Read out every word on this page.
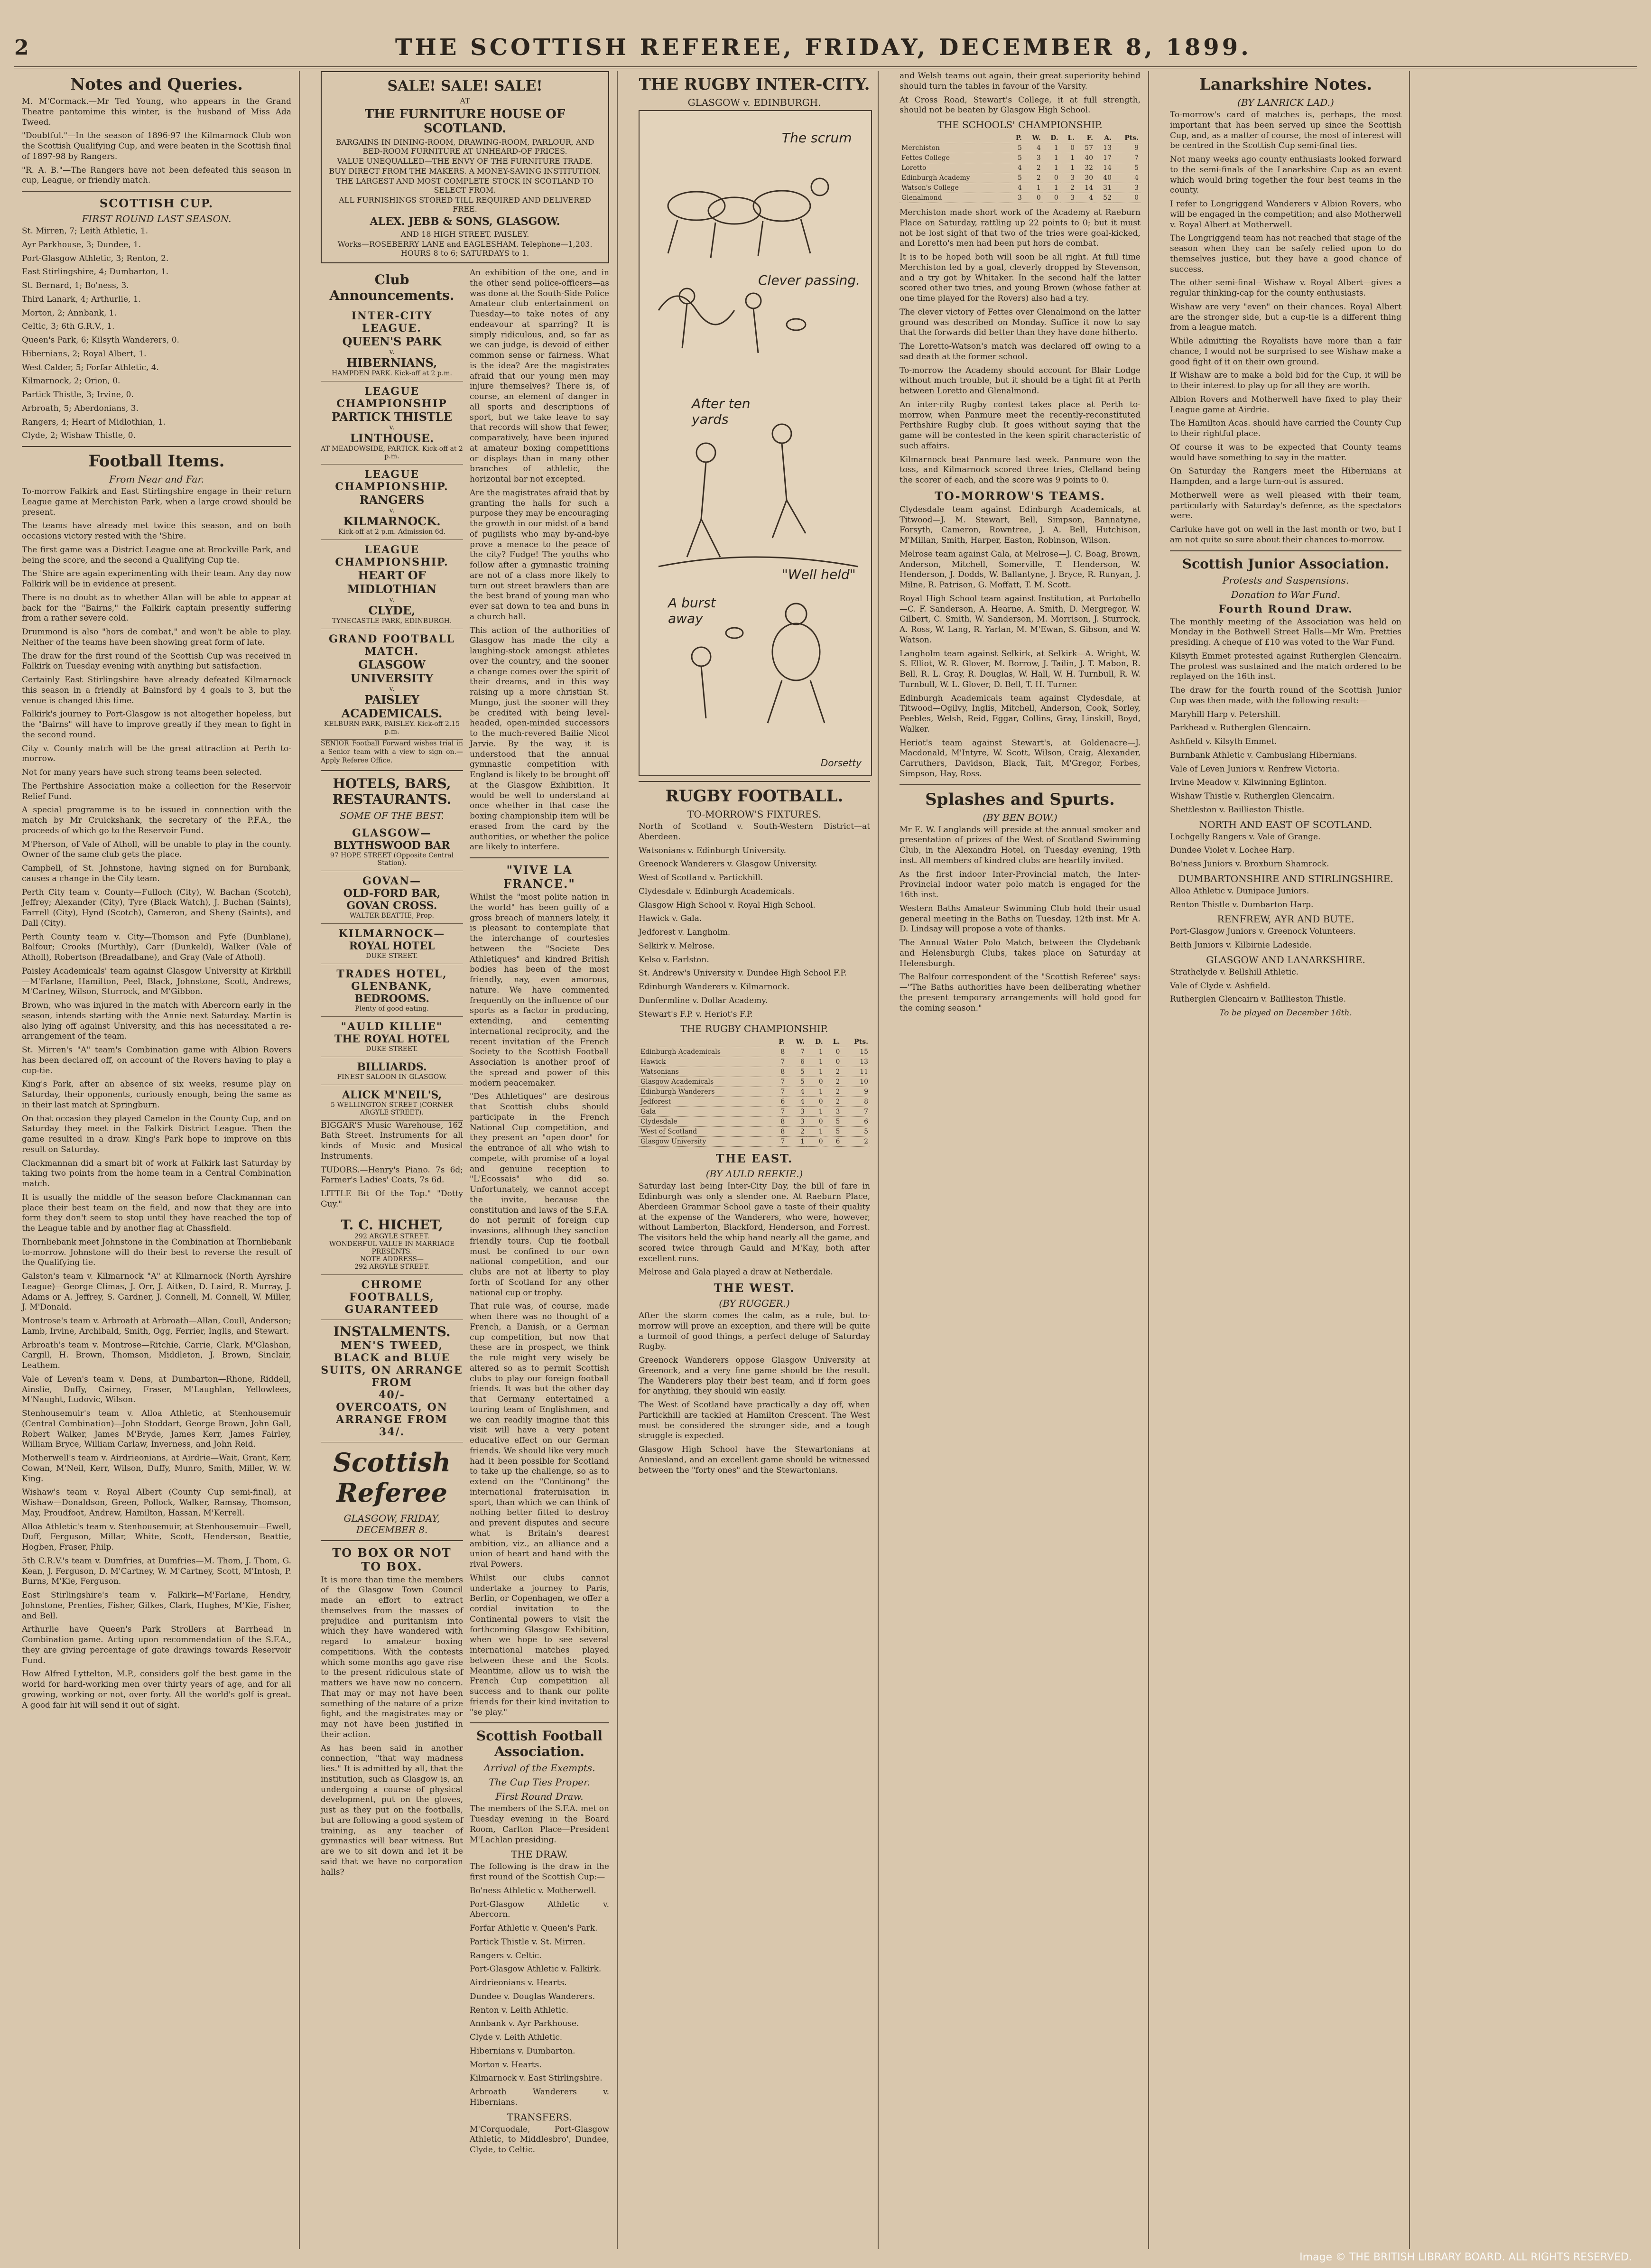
2	THE SCOTTISH REFEREE, FRIDAY, DECEMBER 8, 1899.
Notes and Queries.

M. M'Cormack.—Mr Ted Young, who appears in the Grand Theatre pantomime this winter, is the husband of Miss Ada Tweed.

"Doubtful."—In the season of 1896-97 the Kilmarnock Club won the Scottish Qualifying Cup, and were beaten in the Scottish final of 1897-98 by Rangers.

"R. A. B."—The Rangers have not been defeated this season in cup, League, or friendly match.

SCOTTISH CUP.
FIRST ROUND LAST SEASON.

St. Mirren, 7; Leith Athletic, 1.

Ayr Parkhouse, 3; Dundee, 1.

Port-Glasgow Athletic, 3; Renton, 2.

East Stirlingshire, 4; Dumbarton, 1.

St. Bernard, 1; Bo'ness, 3.

Third Lanark, 4; Arthurlie, 1.

Morton, 2; Annbank, 1.

Celtic, 3; 6th G.R.V., 1.

Queen's Park, 6; Kilsyth Wanderers, 0.

Hibernians, 2; Royal Albert, 1.

West Calder, 5; Forfar Athletic, 4.

Kilmarnock, 2; Orion, 0.

Partick Thistle, 3; Irvine, 0.

Arbroath, 5; Aberdonians, 3.

Rangers, 4; Heart of Midlothian, 1.

Clyde, 2; Wishaw Thistle, 0.

Football Items.
From Near and Far.

To-morrow Falkirk and East Stirlingshire engage in their return League game at Merchiston Park, when a large crowd should be present.

The teams have already met twice this season, and on both occasions victory rested with the 'Shire.

The first game was a District League one at Brockville Park, and being the score, and the second a Qualifying Cup tie.

The 'Shire are again experimenting with their team. Any day now Falkirk will be in evidence at present.

There is no doubt as to whether Allan will be able to appear at back for the "Bairns," the Falkirk captain presently suffering from a rather severe cold.

Drummond is also "hors de combat," and won't be able to play. Neither of the teams have been showing great form of late.

The draw for the first round of the Scottish Cup was received in Falkirk on Tuesday evening with anything but satisfaction.

Certainly East Stirlingshire have already defeated Kilmarnock this season in a friendly at Bainsford by 4 goals to 3, but the venue is changed this time.

Falkirk's journey to Port-Glasgow is not altogether hopeless, but the "Bairns" will have to improve greatly if they mean to fight in the second round.

City v. County match will be the great attraction at Perth to-morrow.

Not for many years have such strong teams been selected.

The Perthshire Association make a collection for the Reservoir Relief Fund.

A special programme is to be issued in connection with the match by Mr Cruickshank, the secretary of the P.F.A., the proceeds of which go to the Reservoir Fund.

M'Pherson, of Vale of Atholl, will be unable to play in the county. Owner of the same club gets the place.

Campbell, of St. Johnstone, having signed on for Burnbank, causes a change in the City team.

Perth City team v. County—Fulloch (City), W. Bachan (Scotch), Jeffrey; Alexander (City), Tyre (Black Watch), J. Buchan (Saints), Farrell (City), Hynd (Scotch), Cameron, and Sheny (Saints), and Dall (City).

Perth County team v. City—Thomson and Fyfe (Dunblane), Balfour; Crooks (Murthly), Carr (Dunkeld), Walker (Vale of Atholl), Robertson (Breadalbane), and Gray (Vale of Atholl).

Paisley Academicals' team against Glasgow University at Kirkhill—M'Farlane, Hamilton, Peel, Black, Johnstone, Scott, Andrews, M'Cartney, Wilson, Sturrock, and M'Gibbon.

Brown, who was injured in the match with Abercorn early in the season, intends starting with the Annie next Saturday. Martin is also lying off against University, and this has necessitated a re-arrangement of the team.

St. Mirren's "A" team's Combination game with Albion Rovers has been declared off, on account of the Rovers having to play a cup-tie.

King's Park, after an absence of six weeks, resume play on Saturday, their opponents, curiously enough, being the same as in their last match at Springburn.

On that occasion they played Camelon in the County Cup, and on Saturday they meet in the Falkirk District League. Then the game resulted in a draw. King's Park hope to improve on this result on Saturday.

Clackmannan did a smart bit of work at Falkirk last Saturday by taking two points from the home team in a Central Combination match.

It is usually the middle of the season before Clackmannan can place their best team on the field, and now that they are into form they don't seem to stop until they have reached the top of the League table and by another flag at Chassfield.

Thornliebank meet Johnstone in the Combination at Thornliebank to-morrow. Johnstone will do their best to reverse the result of the Qualifying tie.

Galston's team v. Kilmarnock "A" at Kilmarnock (North Ayrshire League)—George Climas, J. Orr, J. Aitken, D. Laird, R. Murray, J. Adams or A. Jeffrey, S. Gardner, J. Connell, M. Connell, W. Miller, J. M'Donald.

Montrose's team v. Arbroath at Arbroath—Allan, Coull, Anderson; Lamb, Irvine, Archibald, Smith, Ogg, Ferrier, Inglis, and Stewart.

Arbroath's team v. Montrose—Ritchie, Carrie, Clark, M'Glashan, Cargill, H. Brown, Thomson, Middleton, J. Brown, Sinclair, Leathem.

Vale of Leven's team v. Dens, at Dumbarton—Rhone, Riddell, Ainslie, Duffy, Cairney, Fraser, M'Laughlan, Yellowlees, M'Naught, Ludovic, Wilson.

Stenhousemuir's team v. Alloa Athletic, at Stenhousemuir (Central Combination)—John Stoddart, George Brown, John Gall, Robert Walker, James M'Bryde, James Kerr, James Fairley, William Bryce, William Carlaw, Inverness, and John Reid.

Motherwell's team v. Airdrieonians, at Airdrie—Wait, Grant, Kerr, Cowan, M'Neil, Kerr, Wilson, Duffy, Munro, Smith, Miller, W. W. King.

Wishaw's team v. Royal Albert (County Cup semi-final), at Wishaw—Donaldson, Green, Pollock, Walker, Ramsay, Thomson, May, Proudfoot, Andrew, Hamilton, Hassan, M'Kerrell.

Alloa Athletic's team v. Stenhousemuir, at Stenhousemuir—Ewell, Duff, Ferguson, Millar, White, Scott, Henderson, Beattie, Hogben, Fraser, Philp.

5th C.R.V.'s team v. Dumfries, at Dumfries—M. Thom, J. Thom, G. Kean, J. Ferguson, D. M'Cartney, W. M'Cartney, Scott, M'Intosh, P. Burns, M'Kie, Ferguson.

East Stirlingshire's team v. Falkirk—M'Farlane, Hendry, Johnstone, Prenties, Fisher, Gilkes, Clark, Hughes, M'Kie, Fisher, and Bell.

Arthurlie have Queen's Park Strollers at Barrhead in Combination game. Acting upon recommendation of the S.F.A., they are giving percentage of gate drawings towards Reservoir Fund.

How Alfred Lyttelton, M.P., considers golf the best game in the world for hard-working men over thirty years of age, and for all growing, working or not, over forty. All the world's golf is great. A good fair hit will send it out of sight.

SALE! SALE! SALE!
AT
THE FURNITURE HOUSE OF SCOTLAND.
BARGAINS IN DINING-ROOM, DRAWING-ROOM, PARLOUR, AND BED-ROOM FURNITURE AT UNHEARD-OF PRICES.
VALUE UNEQUALLED—THE ENVY OF THE FURNITURE TRADE.
BUY DIRECT FROM THE MAKERS. A MONEY-SAVING INSTITUTION.
THE LARGEST AND MOST COMPLETE STOCK IN SCOTLAND TO SELECT FROM.
ALL FURNISHINGS STORED TILL REQUIRED AND DELIVERED FREE.
ALEX. JEBB & SONS, GLASGOW.
AND 18 HIGH STREET, PAISLEY.
Works—ROSEBERRY LANE and EAGLESHAM. Telephone—1,203. HOURS 8 to 6; SATURDAYS to 1.
Club Announcements.
INTER-CITY LEAGUE.
QUEEN'S PARK
v.
HIBERNIANS,
HAMPDEN PARK. Kick-off at 2 p.m.
LEAGUE CHAMPIONSHIP
PARTICK THISTLE
v.
LINTHOUSE.
AT MEADOWSIDE, PARTICK. Kick-off at 2 p.m.
LEAGUE CHAMPIONSHIP.
RANGERS
v.
KILMARNOCK.
Kick-off at 2 p.m. Admission 6d.
LEAGUE CHAMPIONSHIP.
HEART OF MIDLOTHIAN
v.
CLYDE,
TYNECASTLE PARK, EDINBURGH.
GRAND FOOTBALL MATCH.
GLASGOW UNIVERSITY
v.
PAISLEY ACADEMICALS.
KELBURN PARK, PAISLEY. Kick-off 2.15 p.m.

SENIOR Football Forward wishes trial in a Senior team with a view to sign on.—Apply Referee Office.

HOTELS, BARS, RESTAURANTS.
SOME OF THE BEST.
GLASGOW—
BLYTHSWOOD BAR
97 HOPE STREET (Opposite Central Station).
GOVAN—
OLD-FORD BAR, GOVAN CROSS.
WALTER BEATTIE, Prop.
KILMARNOCK—
ROYAL HOTEL
DUKE STREET.
TRADES HOTEL, GLENBANK,
BEDROOMS.
Plenty of good eating.
"AULD KILLIE"
THE ROYAL HOTEL
DUKE STREET.
BILLIARDS.
FINEST SALOON IN GLASGOW.
ALICK M'NEIL'S,
5 WELLINGTON STREET (CORNER ARGYLE STREET).

BIGGAR'S Music Warehouse, 162 Bath Street. Instruments for all kinds of Music and Musical Instruments.

TUDORS.—Henry's Piano. 7s 6d; Farmer's Ladies' Coats, 7s 6d.

LITTLE Bit Of the Top." "Dotty Guy."

T. C. HICHET,
292 ARGYLE STREET.
WONDERFUL VALUE IN MARRIAGE PRESENTS.
NOTE ADDRESS—
292 ARGYLE STREET.
CHROME FOOTBALLS, GUARANTEED
INSTALMENTS.
MEN'S TWEED, BLACK and BLUE SUITS, ON ARRANGE FROM
40/-
OVERCOATS, ON ARRANGE FROM
34/.
Scottish Referee
GLASGOW, FRIDAY, DECEMBER 8.
TO BOX OR NOT TO BOX.

It is more than time the members of the Glasgow Town Council made an effort to extract themselves from the masses of prejudice and puritanism into which they have wandered with regard to amateur boxing competitions. With the contests which some months ago gave rise to the present ridiculous state of matters we have now no concern. That may or may not have been something of the nature of a prize fight, and the magistrates may or may not have been justified in their action.

As has been said in another connection, "that way madness lies." It is admitted by all, that the institution, such as Glasgow is, an undergoing a course of physical development, put on the gloves, just as they put on the footballs, but are following a good system of training, as any teacher of gymnastics will bear witness. But are we to sit down and let it be said that we have no corporation halls?

An exhibition of the one, and in the other send police-officers—as was done at the South-Side Police Amateur club entertainment on Tuesday—to take notes of any endeavour at sparring? It is simply ridiculous, and, so far as we can judge, is devoid of either common sense or fairness. What is the idea? Are the magistrates afraid that our young men may injure themselves? There is, of course, an element of danger in all sports and descriptions of sport, but we take leave to say that records will show that fewer, comparatively, have been injured at amateur boxing competitions or displays than in many other branches of athletic, the horizontal bar not excepted.

Are the magistrates afraid that by granting the halls for such a purpose they may be encouraging the growth in our midst of a band of pugilists who may by-and-bye prove a menace to the peace of the city? Fudge! The youths who follow after a gymnastic training are not of a class more likely to turn out street brawlers than are the best brand of young man who ever sat down to tea and buns in a church hall.

This action of the authorities of Glasgow has made the city a laughing-stock amongst athletes over the country, and the sooner a change comes over the spirit of their dreams, and in this way raising up a more christian St. Mungo, just the sooner will they be credited with being level-headed, open-minded successors to the much-revered Bailie Nicol Jarvie. By the way, it is understood that the annual gymnastic competition with England is likely to be brought off at the Glasgow Exhibition. It would be well to understand at once whether in that case the boxing championship item will be erased from the card by the authorities, or whether the police are likely to interfere.

"VIVE LA FRANCE."

Whilst the "most polite nation in the world" has been guilty of a gross breach of manners lately, it is pleasant to contemplate that the interchange of courtesies between the "Societe Des Athletiques" and kindred British bodies has been of the most friendly, nay, even amorous, nature. We have commented frequently on the influence of our sports as a factor in producing, extending, and cementing international reciprocity, and the recent invitation of the French Society to the Scottish Football Association is another proof of the spread and power of this modern peacemaker.

"Des Athletiques" are desirous that Scottish clubs should participate in the French National Cup competition, and they present an "open door" for the entrance of all who wish to compete, with promise of a loyal and genuine reception to "L'Ecossais" who did so. Unfortunately, we cannot accept the invite, because the constitution and laws of the S.F.A. do not permit of foreign cup invasions, although they sanction friendly tours. Cup tie football must be confined to our own national competition, and our clubs are not at liberty to play forth of Scotland for any other national cup or trophy.

That rule was, of course, made when there was no thought of a French, a Danish, or a German cup competition, but now that these are in prospect, we think the rule might very wisely be altered so as to permit Scottish clubs to play our foreign football friends. It was but the other day that Germany entertained a touring team of Englishmen, and we can readily imagine that this visit will have a very potent educative effect on our German friends. We should like very much had it been possible for Scotland to take up the challenge, so as to extend on the "Continong" the international fraternisation in sport, than which we can think of nothing better fitted to destroy and prevent disputes and secure what is Britain's dearest ambition, viz., an alliance and a union of heart and hand with the rival Powers.

Whilst our clubs cannot undertake a journey to Paris, Berlin, or Copenhagen, we offer a cordial invitation to the Continental powers to visit the forthcoming Glasgow Exhibition, when we hope to see several international matches played between these and the Scots. Meantime, allow us to wish the French Cup competition all success and to thank our polite friends for their kind invitation to "se play."

Scottish Football Association.
Arrival of the Exempts.
The Cup Ties Proper.
First Round Draw.

The members of the S.F.A. met on Tuesday evening in the Board Room, Carlton Place—President M'Lachlan presiding.

THE DRAW.

The following is the draw in the first round of the Scottish Cup:—

Bo'ness Athletic v. Motherwell.

Port-Glasgow Athletic v. Abercorn.

Forfar Athletic v. Queen's Park.

Partick Thistle v. St. Mirren.

Rangers v. Celtic.

Port-Glasgow Athletic v. Falkirk.

Airdrieonians v. Hearts.

Dundee v. Douglas Wanderers.

Renton v. Leith Athletic.

Annbank v. Ayr Parkhouse.

Clyde v. Leith Athletic.

Hibernians v. Dumbarton.

Morton v. Hearts.

Kilmarnock v. East Stirlingshire.

Arbroath Wanderers v. Hibernians.

TRANSFERS.

M'Corquodale, Port-Glasgow Athletic, to Middlesbro', Dundee, Clyde, to Celtic.

THE RUGBY INTER-CITY.
GLASGOW v. EDINBURGH.
The scrum
Clever passing.
After ten yards
"Well held"
A burst away
Dorsetty
RUGBY FOOTBALL.
TO-MORROW'S FIXTURES.

North of Scotland v. South-Western District—at Aberdeen.

Watsonians v. Edinburgh University.

Greenock Wanderers v. Glasgow University.

West of Scotland v. Partickhill.

Clydesdale v. Edinburgh Academicals.

Glasgow High School v. Royal High School.

Hawick v. Gala.

Jedforest v. Langholm.

Selkirk v. Melrose.

Kelso v. Earlston.

St. Andrew's University v. Dundee High School F.P.

Edinburgh Wanderers v. Kilmarnock.

Dunfermline v. Dollar Academy.

Stewart's F.P. v. Heriot's F.P.

THE RUGBY CHAMPIONSHIP.
	P.	W.	D.	L.	Pts.
Edinburgh Academicals	8	7	1	0	15
Hawick	7	6	1	0	13
Watsonians	8	5	1	2	11
Glasgow Academicals	7	5	0	2	10
Edinburgh Wanderers	7	4	1	2	9
Jedforest	6	4	0	2	8
Gala	7	3	1	3	7
Clydesdale	8	3	0	5	6
West of Scotland	8	2	1	5	5
Glasgow University	7	1	0	6	2
THE EAST.
(BY AULD REEKIE.)

Saturday last being Inter-City Day, the bill of fare in Edinburgh was only a slender one. At Raeburn Place, Aberdeen Grammar School gave a taste of their quality at the expense of the Wanderers, who were, however, without Lamberton, Blackford, Henderson, and Forrest. The visitors held the whip hand nearly all the game, and scored twice through Gauld and M'Kay, both after excellent runs.

Melrose and Gala played a draw at Netherdale.

THE WEST.
(BY RUGGER.)

After the storm comes the calm, as a rule, but to-morrow will prove an exception, and there will be quite a turmoil of good things, a perfect deluge of Saturday Rugby.

Greenock Wanderers oppose Glasgow University at Greenock, and a very fine game should be the result. The Wanderers play their best team, and if form goes for anything, they should win easily.

The West of Scotland have practically a day off, when Partickhill are tackled at Hamilton Crescent. The West must be considered the stronger side, and a tough struggle is expected.

Glasgow High School have the Stewartonians at Anniesland, and an excellent game should be witnessed between the "forty ones" and the Stewartonians.

and Welsh teams out again, their great superiority behind should turn the tables in favour of the Varsity.

At Cross Road, Stewart's College, it at full strength, should not be beaten by Glasgow High School.

THE SCHOOLS' CHAMPIONSHIP.
	P.	W.	D.	L.	F.	A.	Pts.
Merchiston	5	4	1	0	57	13	9
Fettes College	5	3	1	1	40	17	7
Loretto	4	2	1	1	32	14	5
Edinburgh Academy	5	2	0	3	30	40	4
Watson's College	4	1	1	2	14	31	3
Glenalmond	3	0	0	3	4	52	0

Merchiston made short work of the Academy at Raeburn Place on Saturday, rattling up 22 points to 0; but it must not be lost sight of that two of the tries were goal-kicked, and Loretto's men had been put hors de combat.

It is to be hoped both will soon be all right. At full time Merchiston led by a goal, cleverly dropped by Stevenson, and a try got by Whitaker. In the second half the latter scored other two tries, and young Brown (whose father at one time played for the Rovers) also had a try.

The clever victory of Fettes over Glenalmond on the latter ground was described on Monday. Suffice it now to say that the forwards did better than they have done hitherto.

The Loretto-Watson's match was declared off owing to a sad death at the former school.

To-morrow the Academy should account for Blair Lodge without much trouble, but it should be a tight fit at Perth between Loretto and Glenalmond.

An inter-city Rugby contest takes place at Perth to-morrow, when Panmure meet the recently-reconstituted Perthshire Rugby club. It goes without saying that the game will be contested in the keen spirit characteristic of such affairs.

Kilmarnock beat Panmure last week. Panmure won the toss, and Kilmarnock scored three tries, Clelland being the scorer of each, and the score was 9 points to 0.

TO-MORROW'S TEAMS.

Clydesdale team against Edinburgh Academicals, at Titwood—J. M. Stewart, Bell, Simpson, Bannatyne, Forsyth, Cameron, Rowntree, J. A. Bell, Hutchison, M'Millan, Smith, Harper, Easton, Robinson, Wilson.

Melrose team against Gala, at Melrose—J. C. Boag, Brown, Anderson, Mitchell, Somerville, T. Henderson, W. Henderson, J. Dodds, W. Ballantyne, J. Bryce, R. Runyan, J. Milne, R. Patrison, G. Moffatt, T. M. Scott.

Royal High School team against Institution, at Portobello—C. F. Sanderson, A. Hearne, A. Smith, D. Mergregor, W. Gilbert, C. Smith, W. Sanderson, M. Morrison, J. Sturrock, A. Ross, W. Lang, R. Yarlan, M. M'Ewan, S. Gibson, and W. Watson.

Langholm team against Selkirk, at Selkirk—A. Wright, W. S. Elliot, W. R. Glover, M. Borrow, J. Tailin, J. T. Mabon, R. Bell, R. L. Gray, R. Douglas, W. Hall, W. H. Turnbull, R. W. Turnbull, W. L. Glover, D. Bell, T. H. Turner.

Edinburgh Academicals team against Clydesdale, at Titwood—Ogilvy, Inglis, Mitchell, Anderson, Cook, Sorley, Peebles, Welsh, Reid, Eggar, Collins, Gray, Linskill, Boyd, Walker.

Heriot's team against Stewart's, at Goldenacre—J. Macdonald, M'Intyre, W. Scott, Wilson, Craig, Alexander, Carruthers, Davidson, Black, Tait, M'Gregor, Forbes, Simpson, Hay, Ross.

Splashes and Spurts.
(BY BEN BOW.)

Mr E. W. Langlands will preside at the annual smoker and presentation of prizes of the West of Scotland Swimming Club, in the Alexandra Hotel, on Tuesday evening, 19th inst. All members of kindred clubs are heartily invited.

As the first indoor Inter-Provincial match, the Inter-Provincial indoor water polo match is engaged for the 16th inst.

Western Baths Amateur Swimming Club hold their usual general meeting in the Baths on Tuesday, 12th inst. Mr A. D. Lindsay will propose a vote of thanks.

The Annual Water Polo Match, between the Clydebank and Helensburgh Clubs, takes place on Saturday at Helensburgh.

The Balfour correspondent of the "Scottish Referee" says:—"The Baths authorities have been deliberating whether the present temporary arrangements will hold good for the coming season."

Lanarkshire Notes.
(BY LANRICK LAD.)

To-morrow's card of matches is, perhaps, the most important that has been served up since the Scottish Cup, and, as a matter of course, the most of interest will be centred in the Scottish Cup semi-final ties.

Not many weeks ago county enthusiasts looked forward to the semi-finals of the Lanarkshire Cup as an event which would bring together the four best teams in the county.

I refer to Longriggend Wanderers v Albion Rovers, who will be engaged in the competition; and also Motherwell v. Royal Albert at Motherwell.

The Longriggend team has not reached that stage of the season when they can be safely relied upon to do themselves justice, but they have a good chance of success.

The other semi-final—Wishaw v. Royal Albert—gives a regular thinking-cap for the county enthusiasts.

Wishaw are very "even" on their chances. Royal Albert are the stronger side, but a cup-tie is a different thing from a league match.

While admitting the Royalists have more than a fair chance, I would not be surprised to see Wishaw make a good fight of it on their own ground.

If Wishaw are to make a bold bid for the Cup, it will be to their interest to play up for all they are worth.

Albion Rovers and Motherwell have fixed to play their League game at Airdrie.

The Hamilton Acas. should have carried the County Cup to their rightful place.

Of course it was to be expected that County teams would have something to say in the matter.

On Saturday the Rangers meet the Hibernians at Hampden, and a large turn-out is assured.

Motherwell were as well pleased with their team, particularly with Saturday's defence, as the spectators were.

Carluke have got on well in the last month or two, but I am not quite so sure about their chances to-morrow.

Scottish Junior Association.
Protests and Suspensions.
Donation to War Fund.
Fourth Round Draw.

The monthly meeting of the Association was held on Monday in the Bothwell Street Halls—Mr Wm. Pretties presiding. A cheque of £10 was voted to the War Fund.

Kilsyth Emmet protested against Rutherglen Glencairn. The protest was sustained and the match ordered to be replayed on the 16th inst.

The draw for the fourth round of the Scottish Junior Cup was then made, with the following result:—

Maryhill Harp v. Petershill.

Parkhead v. Rutherglen Glencairn.

Ashfield v. Kilsyth Emmet.

Burnbank Athletic v. Cambuslang Hibernians.

Vale of Leven Juniors v. Renfrew Victoria.

Irvine Meadow v. Kilwinning Eglinton.

Wishaw Thistle v. Rutherglen Glencairn.

Shettleston v. Baillieston Thistle.

NORTH AND EAST OF SCOTLAND.

Lochgelly Rangers v. Vale of Grange.

Dundee Violet v. Lochee Harp.

Bo'ness Juniors v. Broxburn Shamrock.

DUMBARTONSHIRE AND STIRLINGSHIRE.

Alloa Athletic v. Dunipace Juniors.

Renton Thistle v. Dumbarton Harp.

RENFREW, AYR AND BUTE.

Port-Glasgow Juniors v. Greenock Volunteers.

Beith Juniors v. Kilbirnie Ladeside.

GLASGOW AND LANARKSHIRE.

Strathclyde v. Bellshill Athletic.

Vale of Clyde v. Ashfield.

Rutherglen Glencairn v. Baillieston Thistle.

To be played on December 16th.

Image © THE BRITISH LIBRARY BOARD. ALL RIGHTS RESERVED.
